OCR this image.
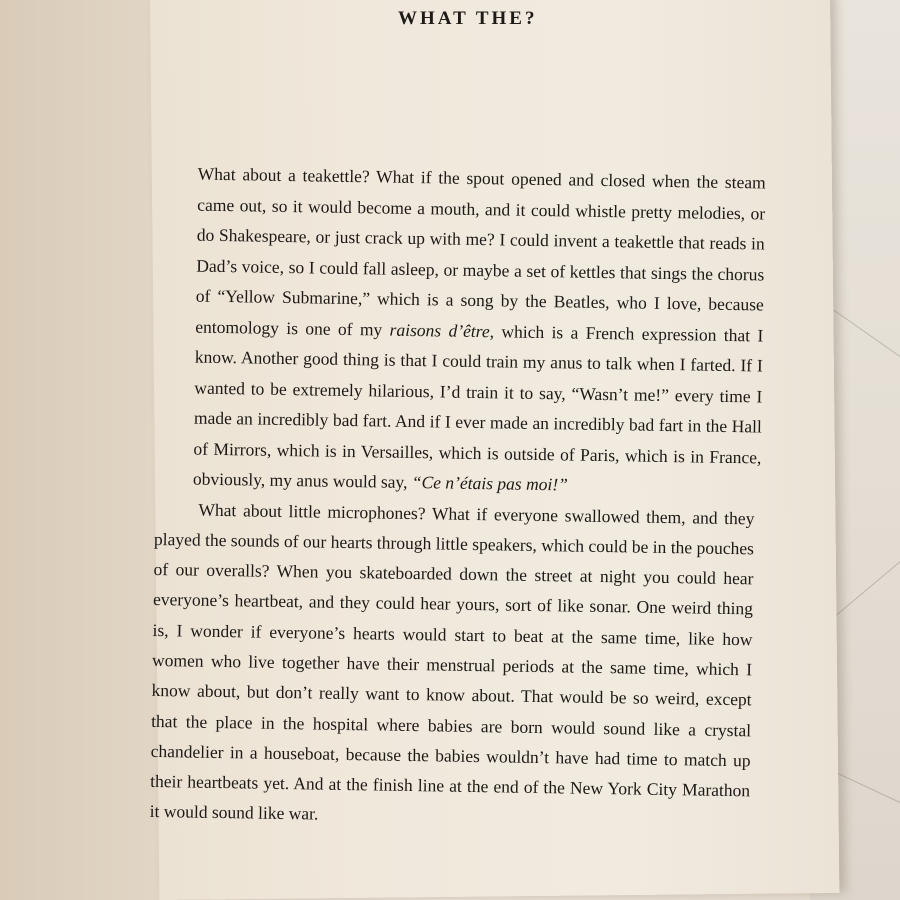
WHAT THE?

What about a teakettle? What if the spout opened and closed when the steam came out, so it would become a mouth, and it could whistle pretty melodies, or do Shakespeare, or just crack up with me? I could invent a teakettle that reads in Dad’s voice, so I could fall asleep, or maybe a set of kettles that sings the chorus of “Yellow Submarine,” which is a song by the Beatles, who I love, because entomology is one of my raisons d’être, which is a French expression that I know. Another good thing is that I could train my anus to talk when I farted. If I wanted to be extremely hilarious, I’d train it to say, “Wasn’t me!” every time I made an incredibly bad fart. And if I ever made an incredibly bad fart in the Hall of Mirrors, which is in Versailles, which is outside of Paris, which is in France, obviously, my anus would say, “Ce n’étais pas moi!”

What about little microphones? What if everyone swallowed them, and they played the sounds of our hearts through little speakers, which could be in the pouches of our overalls? When you skateboarded down the street at night you could hear everyone’s heartbeat, and they could hear yours, sort of like sonar. One weird thing is, I wonder if everyone’s hearts would start to beat at the same time, like how women who live together have their menstrual periods at the same time, which I know about, but don’t really want to know about. That would be so weird, except that the place in the hospital where babies are born would sound like a crystal chandelier in a houseboat, because the babies wouldn’t have had time to match up their heartbeats yet. And at the finish line at the end of the New York City Marathon it would sound like war.
